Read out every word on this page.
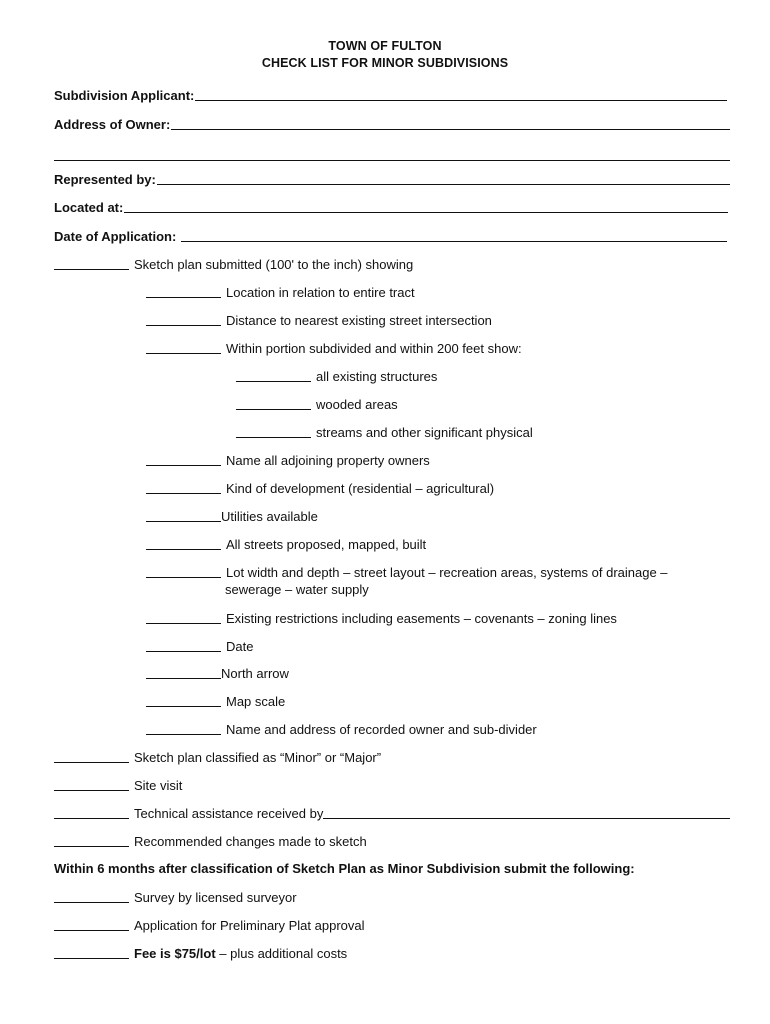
TOWN OF FULTON
CHECK LIST FOR MINOR SUBDIVISIONS
Subdivision Applicant:
Address of Owner:
Represented by:
Located at:
Date of Application:
Sketch plan submitted (100' to the inch) showing
Location in relation to entire tract
Distance to nearest existing street intersection
Within portion subdivided and within 200 feet show:
all existing structures
wooded areas
streams and other significant physical
Name all adjoining property owners
Kind of development (residential – agricultural)
Utilities available
All streets proposed, mapped, built
Lot width and depth – street layout – recreation areas, systems of drainage –
sewerage – water supply
Existing restrictions including easements – covenants – zoning lines
Date
North arrow
Map scale
Name and address of recorded owner and sub-divider
Sketch plan classified as “Minor” or “Major”
Site visit
Technical assistance received by
Recommended changes made to sketch
Within 6 months after classification of Sketch Plan as Minor Subdivision submit the following:
Survey by licensed surveyor
Application for Preliminary Plat approval
Fee is $75/lot – plus additional costs
